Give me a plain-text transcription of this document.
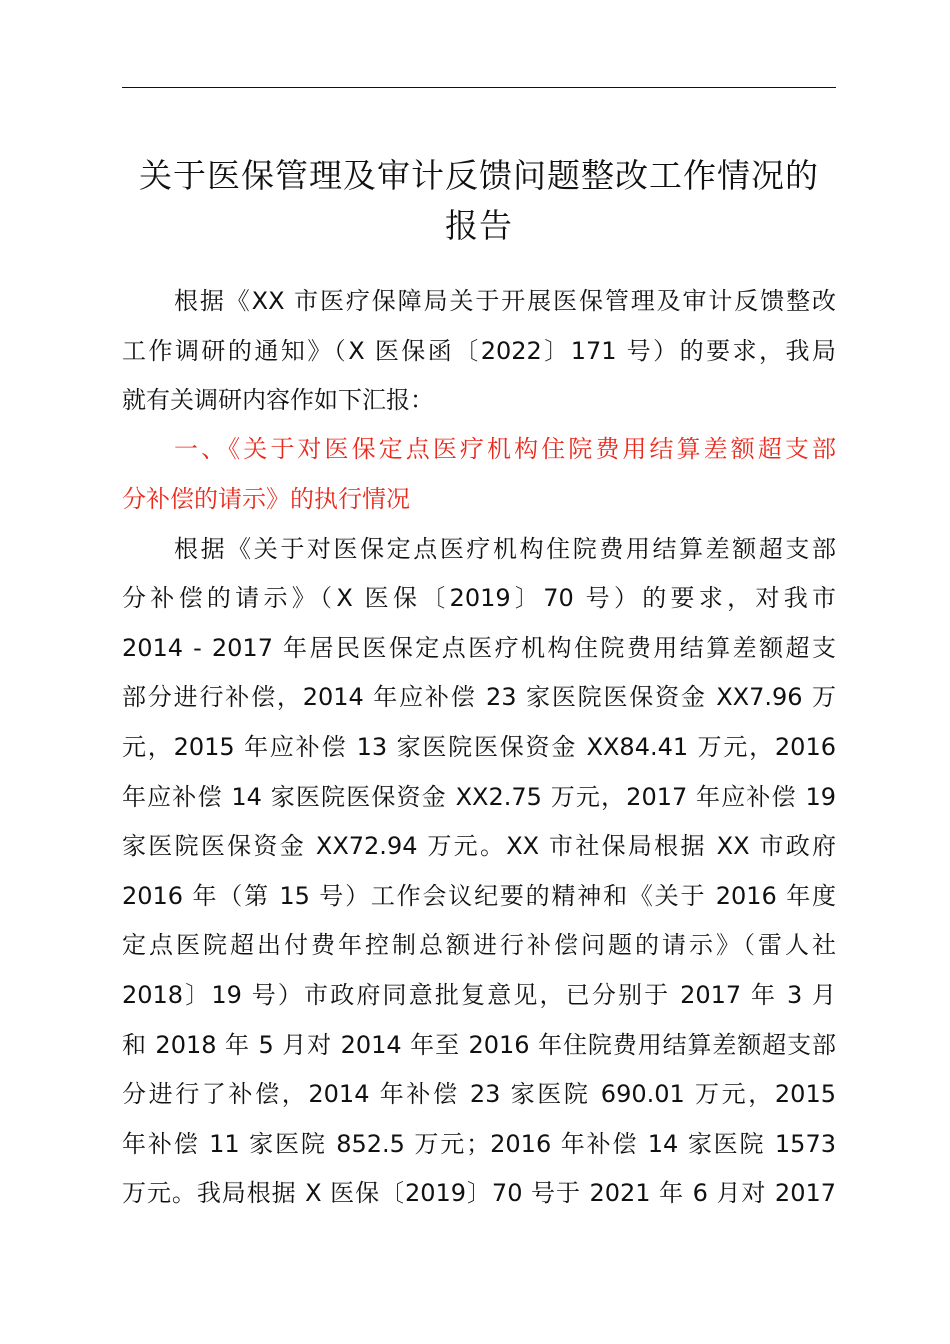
关于医保管理及审计反馈问题整改工作情况的
报告

根据《XX 市医疗保障局关于开展医保管理及审计反馈整改

工作调研的通知》（X 医保函〔2022〕171 号）的要求，我局

就有关调研内容作如下汇报：

一、《关于对医保定点医疗机构住院费用结算差额超支部

分补偿的请示》的执行情况

根据《关于对医保定点医疗机构住院费用结算差额超支部

分补偿的请示》（X 医保〔2019〕70 号）的要求，对我市

2014 - 2017 年居民医保定点医疗机构住院费用结算差额超支

部分进行补偿，2014 年应补偿 23 家医院医保资金 XX7.96 万

元，2015 年应补偿 13 家医院医保资金 XX84.41 万元，2016

年应补偿 14 家医院医保资金 XX2.75 万元，2017 年应补偿 19

家医院医保资金 XX72.94 万元。XX 市社保局根据 XX 市政府

2016 年（第 15 号）工作会议纪要的精神和《关于 2016 年度

定点医院超出付费年控制总额进行补偿问题的请示》（雷人社

2018〕19 号）市政府同意批复意见，已分别于 2017 年 3 月

和 2018 年 5 月对 2014 年至 2016 年住院费用结算差额超支部

分进行了补偿，2014 年补偿 23 家医院 690.01 万元，2015

年补偿 11 家医院 852.5 万元；2016 年补偿 14 家医院 1573

万元。我局根据 X 医保〔2019〕70 号于 2021 年 6 月对 2017
